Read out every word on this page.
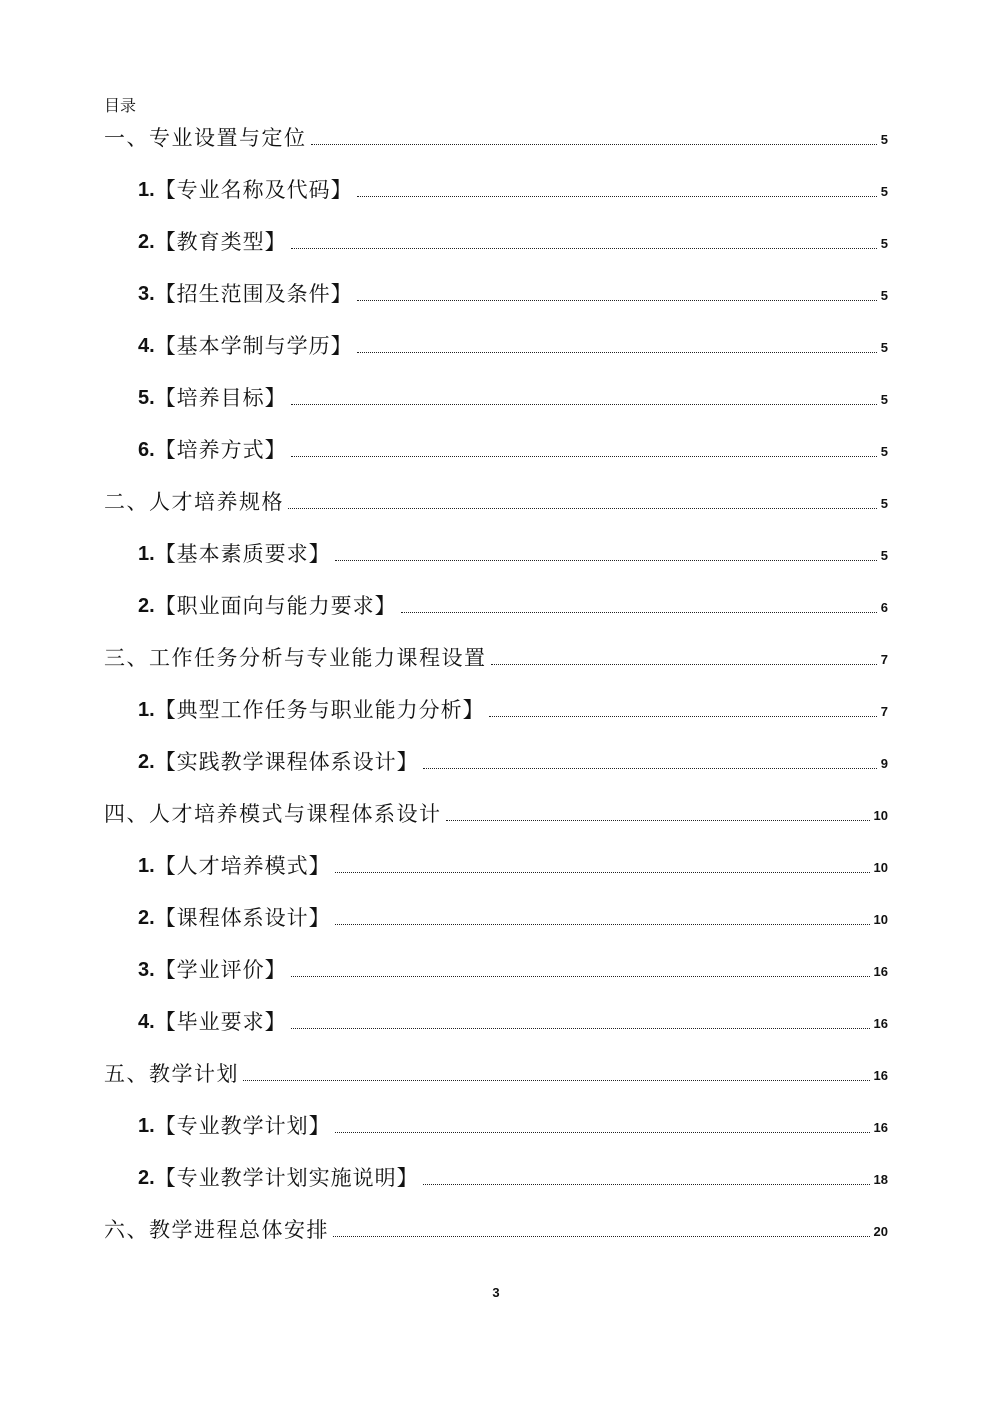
目录
一、专业设置与定位	5
1. 【专业名称及代码】	5
2. 【教育类型】	5
3. 【招生范围及条件】	5
4. 【基本学制与学历】	5
5. 【培养目标】	5
6. 【培养方式】	5
二、人才培养规格	5
1. 【基本素质要求】	5
2. 【职业面向与能力要求】	6
三、工作任务分析与专业能力课程设置	7
1. 【典型工作任务与职业能力分析】	7
2. 【实践教学课程体系设计】	9
四、人才培养模式与课程体系设计	10
1. 【人才培养模式】	10
2. 【课程体系设计】	10
3. 【学业评价】	16
4. 【毕业要求】	16
五、教学计划	16
1. 【专业教学计划】	16
2. 【专业教学计划实施说明】	18
六、教学进程总体安排	20
3
